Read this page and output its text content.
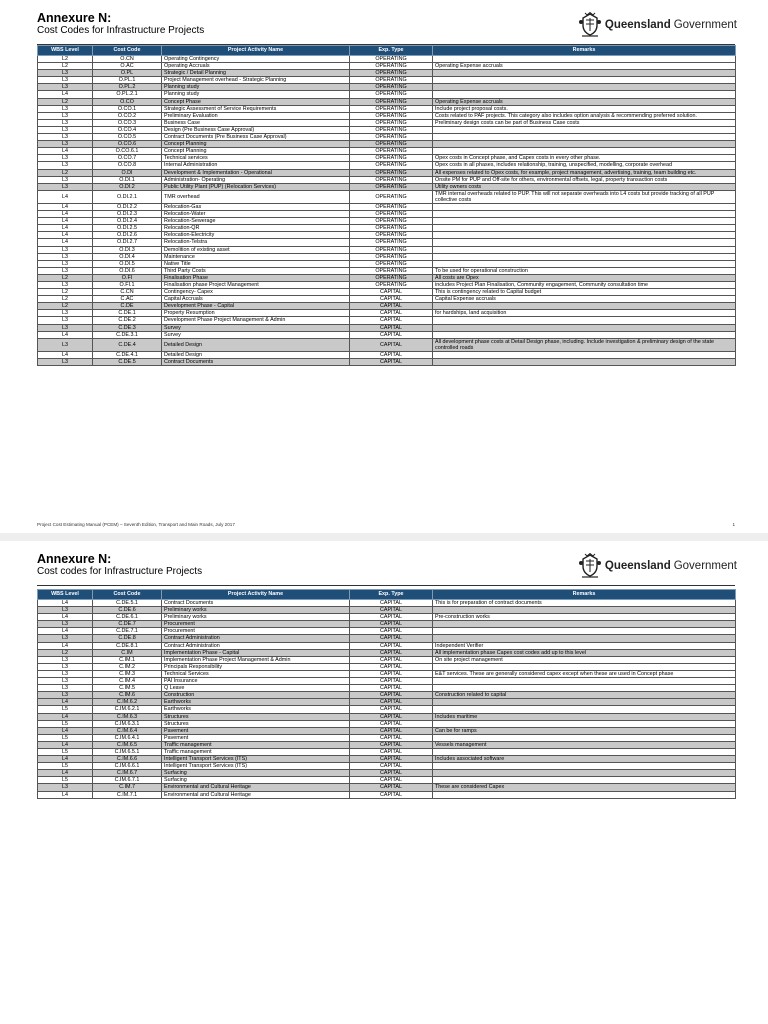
Annexure N:
Cost Codes for Infrastructure Projects	Queensland Government
WBS Level	Cost Code	Project Activity Name	Exp. Type	Remarks
L2	O.CN	Operating Contingency	OPERATING	
L2	O.AC	Operating Accruals	OPERATING	Operating Expense accruals
L3	O.PL	Strategic / Detail Planning	OPERATING	
L3	O.PL.1	Project Management overhead - Strategic Planning	OPERATING	
L3	O.PL.2	Planning study	OPERATING	
L4	O.PL.2.1	Planning study	OPERATING	
L2	O.CO	Concept Phase	OPERATING	Operating Expense accruals
L3	O.CO.1	Strategic Assessment of Service Requirements	OPERATING	Include project proposal costs.
L3	O.CO.2	Preliminary Evaluation	OPERATING	Costs related to PAF projects. This category also includes option analysis & recommending preferred solution.
L3	O.CO.3	Business Case	OPERATING	Preliminary design costs can be part of Business Case costs
L3	O.CO.4	Design (Pre Business Case Approval)	OPERATING	
L3	O.CO.5	Contract Documents (Pre Business Case Approval)	OPERATING	
L3	O.CO.6	Concept Planning	OPERATING	
L4	O.CO.6.1	Concept Planning	OPERATING	
L3	O.CO.7	Technical services	OPERATING	Opex costs in Concept phase, and Capex costs in every other phase.
L3	O.CO.8	Internal Administration	OPERATING	Opex costs in all phases, includes relationship, training, unspecified, modelling, corporate overhead
L2	O.DI	Development & Implementation - Operational	OPERATING	All expenses related to Opex costs, for example, project management, advertising, training, team building etc.
L3	O.DI.1	Administration- Operating	OPERATING	Onsite PM for PUP and Off-site for others, environmental offsets, legal, property transaction costs
L3	O.DI.2	Public Utility Plant (PUP) (Relocation Services)	OPERATING	Utility owners costs
L4	O.DI.2.1	TMR overhead	OPERATING	TMR internal overheads related to PUP. This will not separate overheads into L4 costs but provide tracking of all PUP collective costs
L4	O.DI.2.2	Relocation-Gas	OPERATING	
L4	O.DI.2.3	Relocation-Water	OPERATING	
L4	O.DI.2.4	Relocation-Sewerage	OPERATING	
L4	O.DI.2.5	Relocation-QR	OPERATING	
L4	O.DI.2.6	Relocation-Electricity	OPERATING	
L4	O.DI.2.7	Relocation-Telstra	OPERATING	
L3	O.DI.3	Demolition of existing asset	OPERATING	
L3	O.DI.4	Maintenance	OPERATING	
L3	O.DI.5	Native Title	OPERATING	
L3	O.DI.6	Third Party Costs	OPERATING	To be used for operational construction
L2	O.FI	Finalisation Phase	OPERATING	All costs are Opex
L3	O.FI.1	Finalisation phase Project Management	OPERATING	includes Project Plan Finalisation, Community engagement, Community consultation time
L2	C.CN	Contingency- Capex	CAPITAL	This is contingency related to Capital budget
L2	C.AC	Capital Accruals	CAPITAL	Capital Expense accruals
L2	C.DE	Development Phase - Capital	CAPITAL	
L3	C.DE.1	Property Resumption	CAPITAL	for hardships, land acquisition
L3	C.DE.2	Development Phase Project Management & Admin	CAPITAL	
L3	C.DE.3	Survey	CAPITAL	
L4	C.DE.3.1	Survey	CAPITAL	
L3	C.DE.4	Detailed Design	CAPITAL	All development phase costs at Detail Design phase, including. Include investigation & preliminary design of the state controlled roads
L4	C.DE.4.1	Detailed Design	CAPITAL	
L3	C.DE.5	Contract Documents	CAPITAL	
Project Cost Estimating Manual (PCEM) – Seventh Edition, Transport and Main Roads, July 2017	1
Annexure N:
Cost codes for Infrastructure Projects	Queensland Government
WBS Level	Cost Code	Project Activity Name	Exp. Type	Remarks
L4	C.DE.5.1	Contract Documents	CAPITAL	This is for preparation of contract documents
L3	C.DE.6	Preliminary works	CAPITAL	
L4	C.DE.6.1	Preliminary works	CAPITAL	Pre-construction works
L3	C.DE.7	Procurement	CAPITAL	
L4	C.DE.7.1	Procurement	CAPITAL	
L3	C.DE.8	Contract Administration	CAPITAL	
L4	C.DE.8.1	Contract Administration	CAPITAL	Independent Verifier
L2	C.IM	Implementation Phase - Capital	CAPITAL	All implementation phase Capex cost codes add up to this level
L3	C.IM.1	Implementation Phase Project Management & Admin	CAPITAL	On site project management
L3	C.IM.2	Principals Responsibility	CAPITAL	
L3	C.IM.3	Technical Services	CAPITAL	E&T services. These are generally considered capex except when these are used in Concept phase
L3	C.IM.4	PAI Insurance	CAPITAL	
L3	C.IM.5	Q Leave	CAPITAL	
L3	C.IM.6	Construction	CAPITAL	Construction related to capital
L4	C.IM.6.2	Earthworks	CAPITAL	
L5	C.IM.6.2.1	Earthworks	CAPITAL	
L4	C.IM.6.3	Structures	CAPITAL	Includes maritime
L5	C.IM.6.3.1	Structures	CAPITAL	
L4	C.IM.6.4	Pavement	CAPITAL	Can be for ramps
L5	C.IM.6.4.1	Pavement	CAPITAL	
L4	C.IM.6.5	Traffic management	CAPITAL	Vessels management
L5	C.IM.6.5.1	Traffic management	CAPITAL	
L4	C.IM.6.6	Intelligent Transport Services (ITS)	CAPITAL	Includes associated software
L5	C.IM.6.6.1	Intelligent Transport Services (ITS)	CAPITAL	
L4	C.IM.6.7	Surfacing	CAPITAL	
L5	C.IM.6.7.1	Surfacing	CAPITAL	
L3	C.IM.7	Environmental and Cultural Heritage	CAPITAL	These are considered Capex
L4	C.IM.7.1	Environmental and Cultural Heritage	CAPITAL	
